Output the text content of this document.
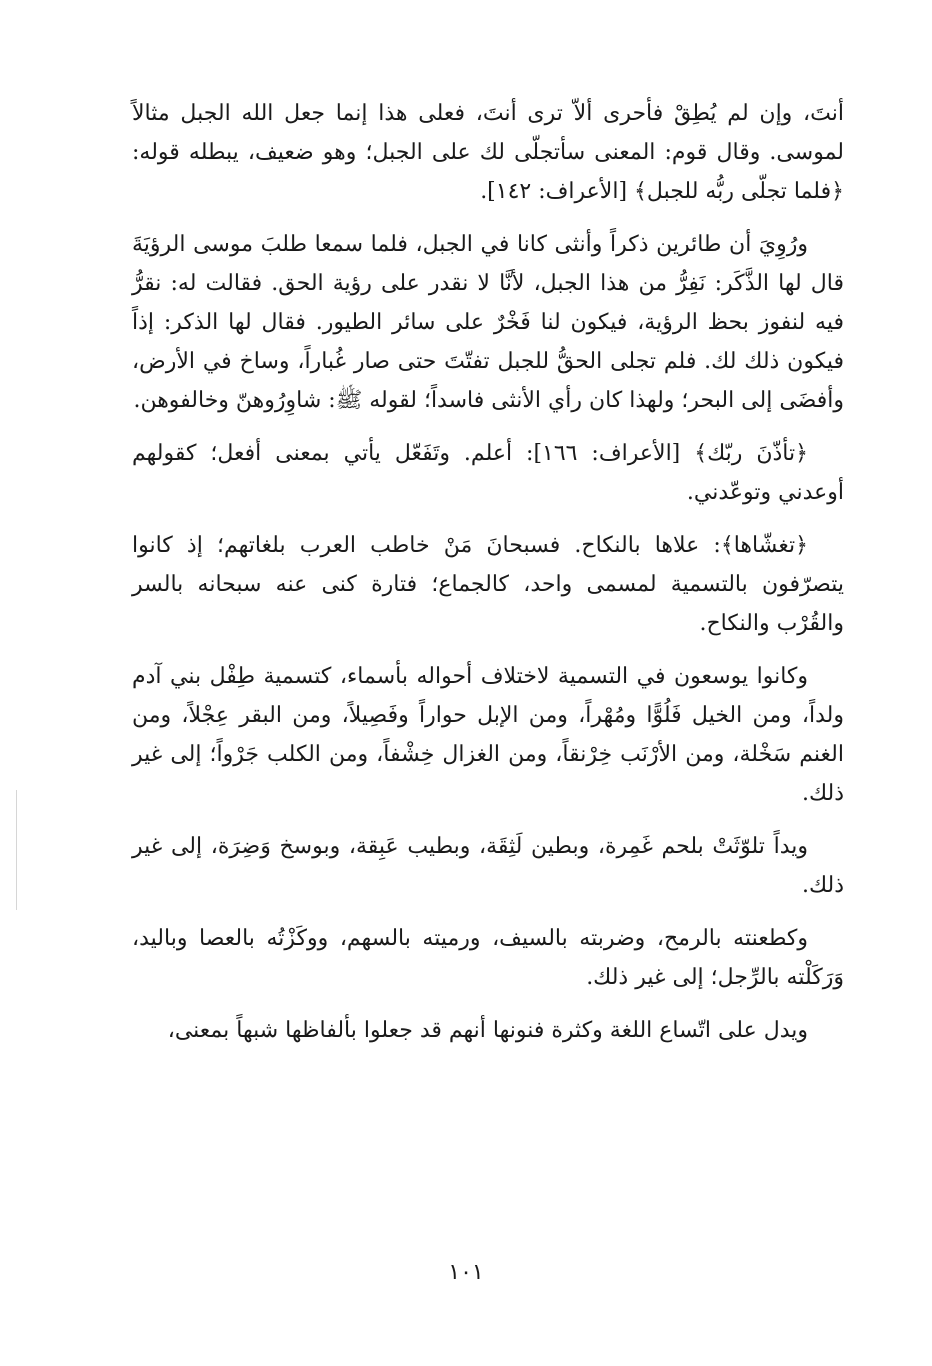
أنتَ، وإن لم يُطِقْ فأحرى ألاّ ترى أنتَ، فعلى هذا إنما جعل الله الجبل مثالاً لموسى. وقال قوم: المعنى سأتجلّى لك على الجبل؛ وهو ضعيف، يبطله قوله: ﴿فلما تجلّى ربُّه للجبل﴾ [الأعراف: ١٤٢].

ورُوِيَ أن طائرين ذكراً وأنثى كانا في الجبل، فلما سمعا طلبَ موسى الرؤيَةَ قال لها الذَّكَر: نَفِرُّ من هذا الجبل، لأنَّا لا نقدر على رؤية الحق. فقالت له: نقرُّ فيه لنفوز بحظ الرؤية، فيكون لنا فَخْرٌ على سائر الطيور. فقال لها الذكر: إذاً فيكون ذلك لك. فلم تجلى الحقُّ للجبل تفتّتَ حتى صار غُباراً، وساخ في الأرض، وأفضَى إلى البحر؛ ولهذا كان رأي الأنثى فاسداً؛ لقوله ﷺ: شاوِرُوهنّ وخالفوهن.

﴿تأذّنَ ربّك﴾ [الأعراف: ١٦٦]: أعلم. وتَفَعّل يأتي بمعنى أفعل؛ كقولهم أوعدني وتوعّدني.

﴿تغشّاها﴾: علاها بالنكاح. فسبحانَ مَنْ خاطب العرب بلغاتهم؛ إذ كانوا يتصرّفون بالتسمية لمسمى واحد، كالجماع؛ فتارة كنى عنه سبحانه بالسر والقُرْب والنكاح.

وكانوا يوسعون في التسمية لاختلاف أحواله بأسماء، كتسمية طِفْل بني آدم ولداً، ومن الخيل فَلُوًّا ومُهْراً، ومن الإبل حواراً وفَصِيلاً، ومن البقر عِجْلاً، ومن الغنم سَخْلة، ومن الأرْنَب خِرْنقاً، ومن الغزال خِشْفاً، ومن الكلب جَرْواً؛ إلى غير ذلك.

ويداً تلوّثَتْ بلحم غَمِرة، وبطين لَثِقَة، وبطيب عَبِقة، وبوسخ وَضِرَة، إلى غير ذلك.

وكطعنته بالرمح، وضربته بالسيف، ورميته بالسهم، ووكَزْتُه بالعصا وباليد، وَرَكَلْته بالرِّجل؛ إلى غير ذلك.

ويدل على اتّساع اللغة وكثرة فنونها أنهم قد جعلوا بألفاظها شبهاً بمعنى،

١٠١
